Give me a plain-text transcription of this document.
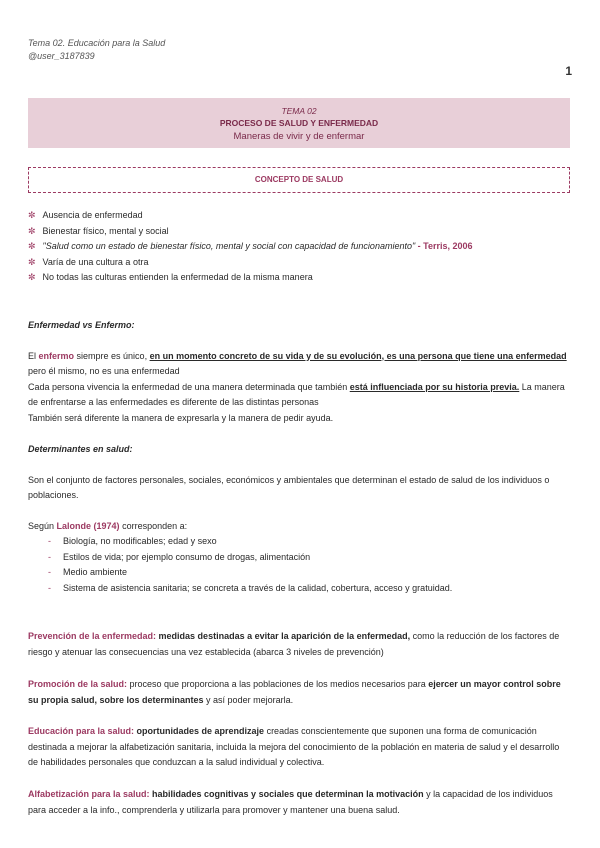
Tema 02. Educación para la Salud
@user_3187839
1
TEMA 02
PROCESO DE SALUD Y ENFERMEDAD
Maneras de vivir y de enfermar
CONCEPTO DE SALUD
✼ Ausencia de enfermedad
✼ Bienestar físico, mental y social
✼ "Salud como un estado de bienestar físico, mental y social con capacidad de funcionamiento" - Terris, 2006
✼ Varía de una cultura a otra
✼ No todas las culturas entienden la enfermedad de la misma manera
Enfermedad vs Enfermo:
El enfermo siempre es único, en un momento concreto de su vida y de su evolución, es una persona que tiene una enfermedad pero él mismo, no es una enfermedad
Cada persona vivencia la enfermedad de una manera determinada que también está influenciada por su historia previa. La manera de enfrentarse a las enfermedades es diferente de las distintas personas
También será diferente la manera de expresarla y la manera de pedir ayuda.
Determinantes en salud:
Son el conjunto de factores personales, sociales, económicos y ambientales que determinan el estado de salud de los individuos o poblaciones.
Según Lalonde (1974) corresponden a:
- Biología, no modificables; edad y sexo
- Estilos de vida; por ejemplo consumo de drogas, alimentación
- Medio ambiente
- Sistema de asistencia sanitaria; se concreta a través de la calidad, cobertura, acceso y gratuidad.
Prevención de la enfermedad: medidas destinadas a evitar la aparición de la enfermedad, como la reducción de los factores de riesgo y atenuar las consecuencias una vez establecida (abarca 3 niveles de prevención)
Promoción de la salud: proceso que proporciona a las poblaciones de los medios necesarios para ejercer un mayor control sobre su propia salud, sobre los determinantes y así poder mejorarla.
Educación para la salud: oportunidades de aprendizaje creadas conscientemente que suponen una forma de comunicación destinada a mejorar la alfabetización sanitaria, incluida la mejora del conocimiento de la población en materia de salud y el desarrollo de habilidades personales que conduzcan a la salud individual y colectiva.
Alfabetización para la salud: habilidades cognitivas y sociales que determinan la motivación y la capacidad de los individuos para acceder a la info., comprenderla y utilizarla para promover y mantener una buena salud.
